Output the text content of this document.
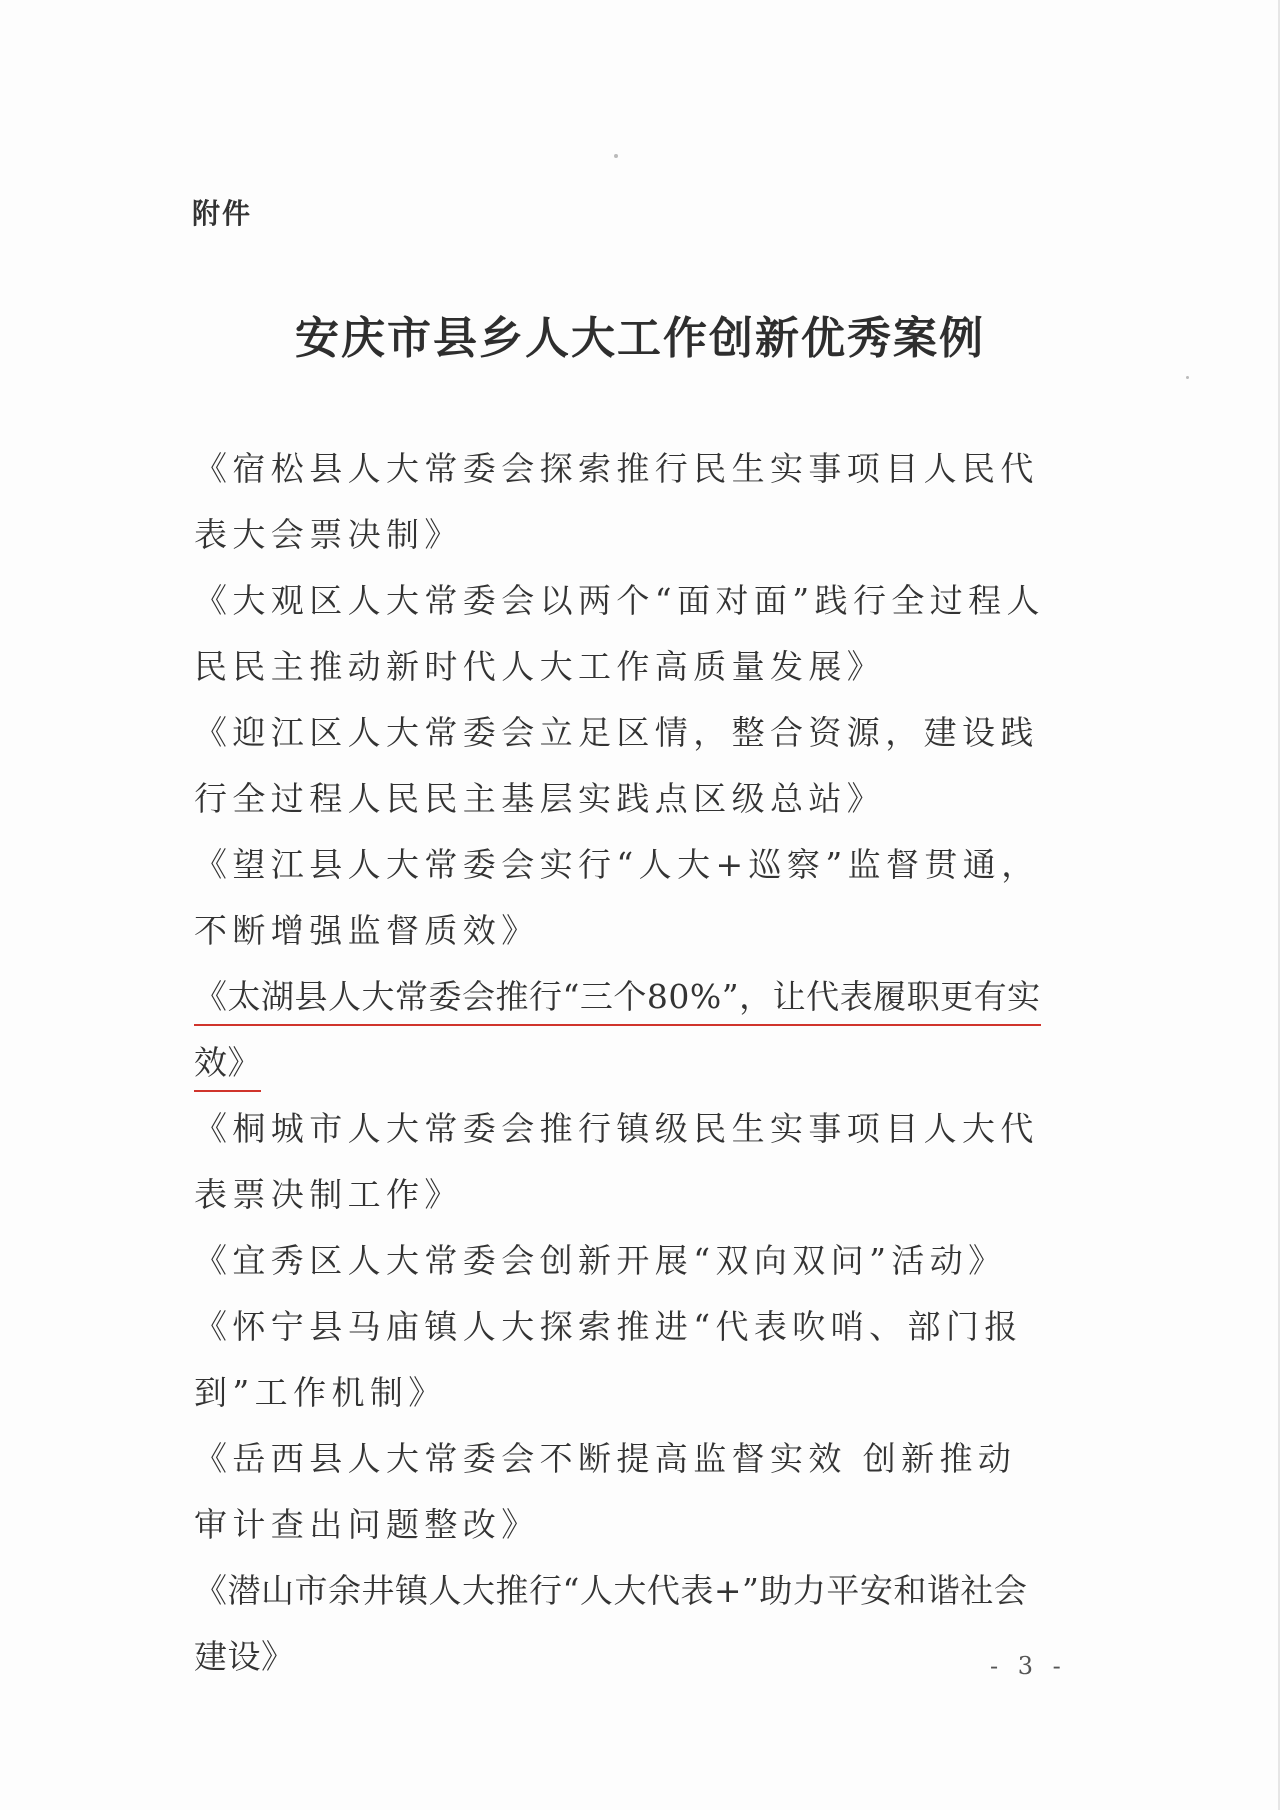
附件
安庆市县乡人大工作创新优秀案例
《宿松县人大常委会探索推行民生实事项目人民代表大会票决制》
《大观区人大常委会以两个“面对面”践行全过程人民民主推动新时代人大工作高质量发展》
《迎江区人大常委会立足区情，整合资源，建设践行全过程人民民主基层实践点区级总站》
《望江县人大常委会实行“人大+巡察”监督贯通，不断增强监督质效》
《太湖县人大常委会推行“三个80%”，让代表履职更有实效》
《桐城市人大常委会推行镇级民生实事项目人大代表票决制工作》
《宜秀区人大常委会创新开展“双向双问”活动》
《怀宁县马庙镇人大探索推进“代表吹哨、部门报到”工作机制》
《岳西县人大常委会不断提高监督实效 创新推动审计查出问题整改》
《潜山市余井镇人大推行“人大代表+”助力平安和谐社会建设》	- 3 -
